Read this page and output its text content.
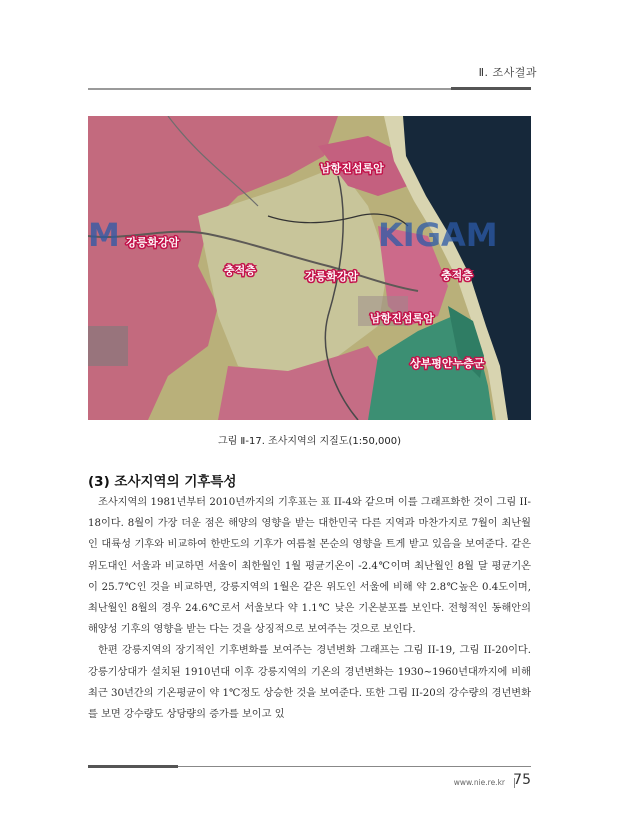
Ⅱ. 조사결과
KIGAM
M
남항진섬록암
강릉화강암
충적층	강릉화강암	충적층
남항진섬록암
상부평안누층군
그림 Ⅱ-17. 조사지역의 지질도(1:50,000)
(3) 조사지역의 기후특성

조사지역의 1981년부터 2010년까지의 기후표는 표 II-4와 같으며 이를 그래프화한 것이 그림 II-18이다. 8월이 가장 더운 점은 해양의 영향을 받는 대한민국 다른 지역과 마찬가지로 7월이 최난월인 대륙성 기후와 비교하여 한반도의 기후가 여름철 몬순의 영향을 트게 받고 있음을 보여준다. 같은 위도대인 서울과 비교하면 서울이 최한월인 1월 평균기온이 -2.4℃이며 최난월인 8월 달 평균기온이 25.7℃인 것을 비교하면, 강릉지역의 1월은 같은 위도인 서울에 비해 약 2.8℃높은 0.4도이며, 최난월인 8월의 경우 24.6℃로서 서울보다 약 1.1℃ 낮은 기온분포를 보인다. 전형적인 동해안의 해양성 기후의 영향을 받는 다는 것을 상징적으로 보여주는 것으로 보인다.

한편 강릉지역의 장기적인 기후변화를 보여주는 경년변화 그래프는 그림 II-19, 그림 II-20이다. 강릉기상대가 설치된 1910년대 이후 강릉지역의 기온의 경년변화는 1930~1960년대까지에 비해 최근 30년간의 기온평균이 약 1℃정도 상승한 것을 보여준다. 또한 그림 II-20의 강수량의 경년변화를 보면 강수량도 상당량의 증가를 보이고 있

www.nie.re.kr 75
